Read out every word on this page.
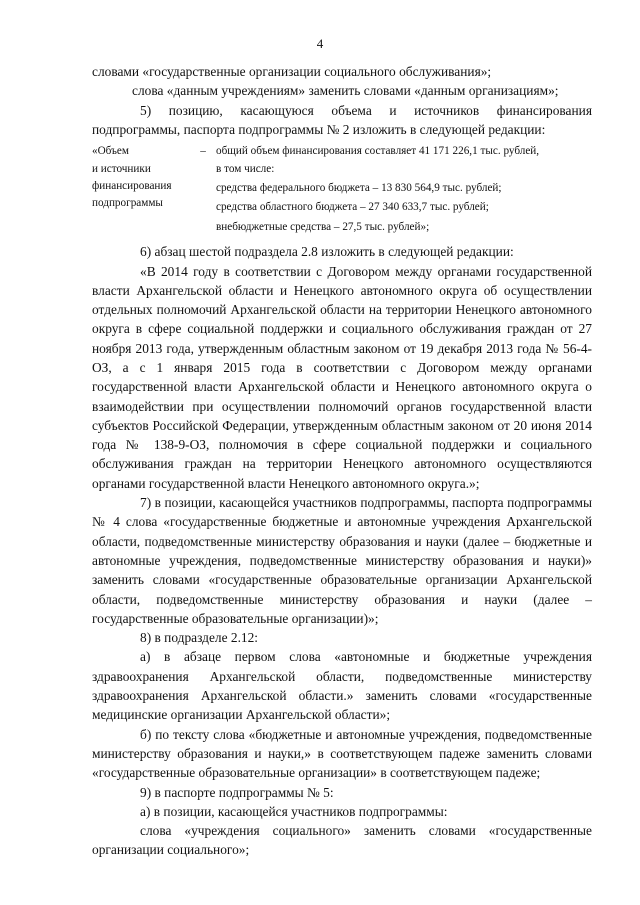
4

словами «государственные организации социального обслуживания»;

слова «данным учреждениям» заменить словами «данным организациям»;

5) позицию, касающуюся объема и источников финансирования подпрограммы, паспорта подпрограммы № 2 изложить в следующей редакции:

«Объем
и источники
финансирования
подпрограммы
	–	общий объем финансирования составляет 41 171 226,1 тыс. рублей,
в том числе:
средства федерального бюджета – 13 830 564,9 тыс. рублей;
средства областного бюджета – 27 340 633,7 тыс. рублей;
внебюджетные средства – 27,5 тыс. рублей»;

6) абзац шестой подраздела 2.8 изложить в следующей редакции:

«В 2014 году в соответствии с Договором между органами государственной власти Архангельской области и Ненецкого автономного округа об осуществлении отдельных полномочий Архангельской области на территории Ненецкого автономного округа в сфере социальной поддержки и социального обслуживания граждан от 27 ноября 2013 года, утвержденным областным законом от 19 декабря 2013 года № 56-4-ОЗ, а с 1 января 2015 года в соответствии с Договором между органами государственной власти Архангельской области и Ненецкого автономного округа о взаимодействии при осуществлении полномочий органов государственной власти субъектов Российской Федерации, утвержденным областным законом от 20 июня 2014 года № 138-9-ОЗ, полномочия в сфере социальной поддержки и социального обслуживания граждан на территории Ненецкого автономного осуществляются органами государственной власти Ненецкого автономного округа.»;

7) в позиции, касающейся участников подпрограммы, паспорта подпрограммы № 4 слова «государственные бюджетные и автономные учреждения Архангельской области, подведомственные министерству образования и науки (далее – бюджетные и автономные учреждения, подведомственные министерству образования и науки)» заменить словами «государственные образовательные организации Архангельской области, подведомственные министерству образования и науки (далее – государственные образовательные организации)»;

8) в подразделе 2.12:

а) в абзаце первом слова «автономные и бюджетные учреждения здравоохранения Архангельской области, подведомственные министерству здравоохранения Архангельской области.» заменить словами «государственные медицинские организации Архангельской области»;

б) по тексту слова «бюджетные и автономные учреждения, подведомственные министерству образования и науки,» в соответствующем падеже заменить словами «государственные образовательные организации» в соответствующем падеже;

9) в паспорте подпрограммы № 5:

а) в позиции, касающейся участников подпрограммы:

слова «учреждения социального» заменить словами «государственные организации социального»;
